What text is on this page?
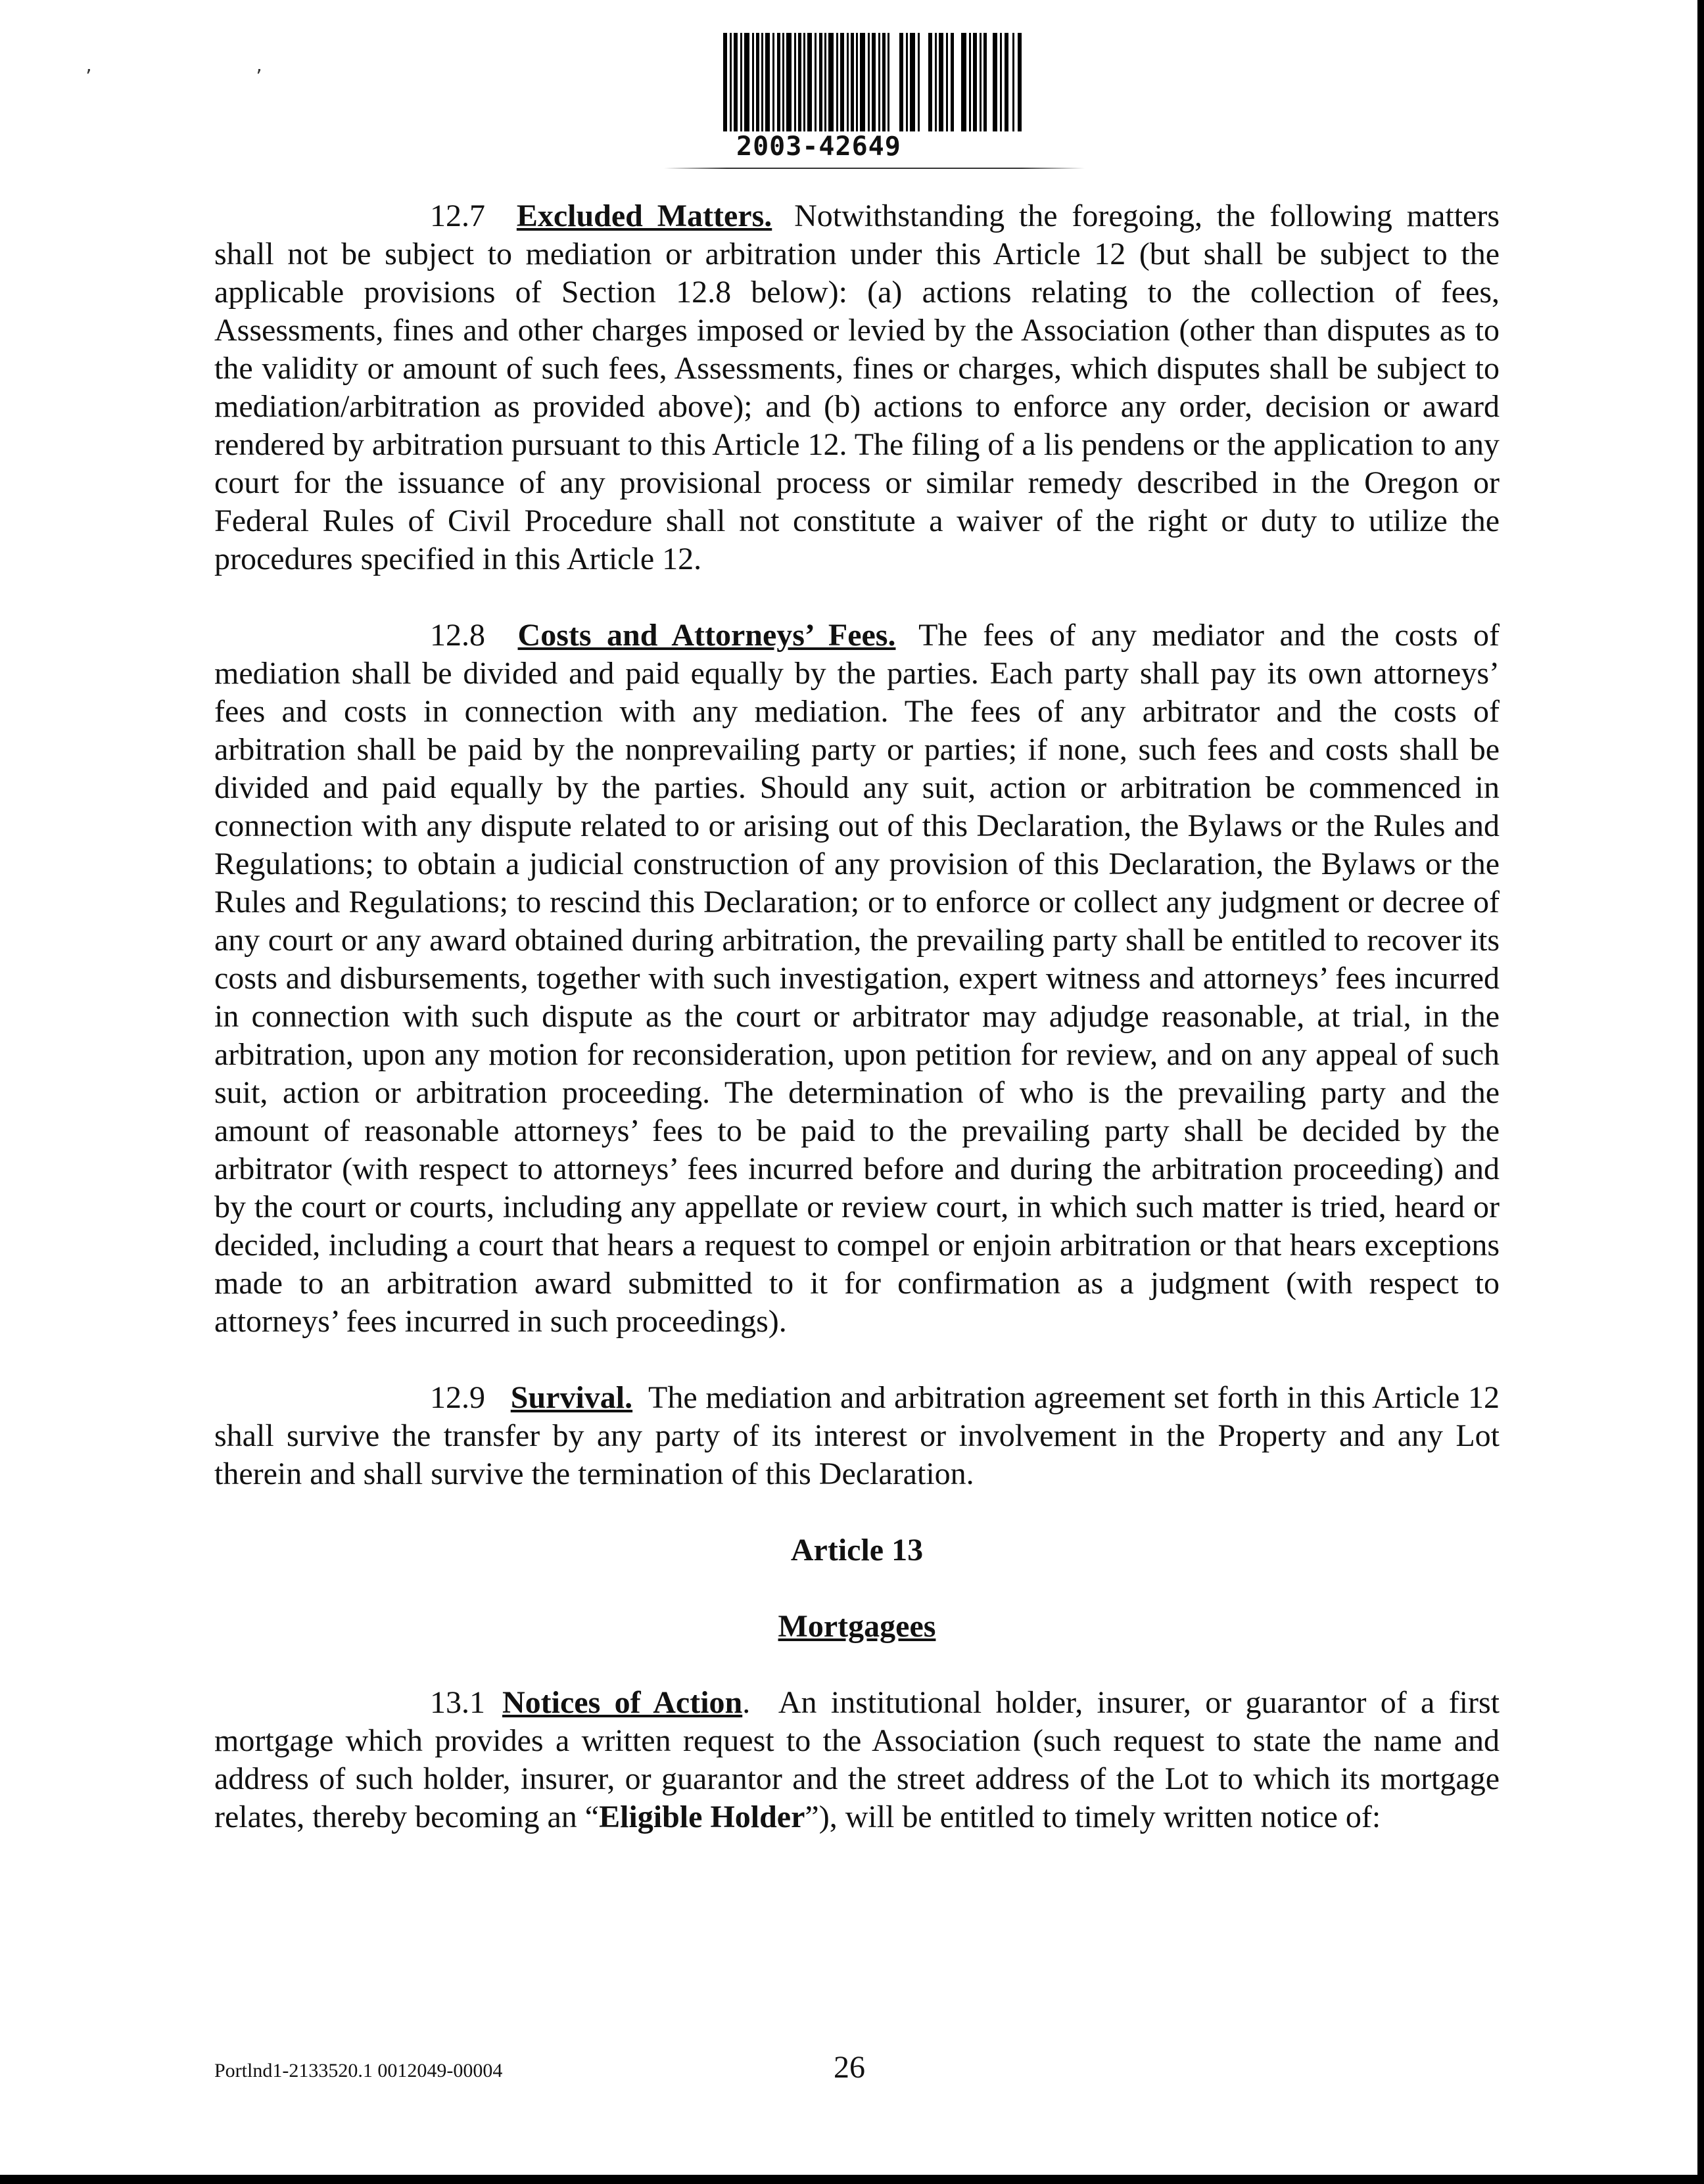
’ ’
2003-42649

12.7 Excluded Matters. Notwithstanding the foregoing, the following matters shall not be subject to mediation or arbitration under this Article 12 (but shall be subject to the applicable provisions of Section 12.8 below): (a) actions relating to the collection of fees, Assessments, fines and other charges imposed or levied by the Association (other than disputes as to the validity or amount of such fees, Assessments, fines or charges, which disputes shall be subject to mediation/arbitration as provided above); and (b) actions to enforce any order, decision or award rendered by arbitration pursuant to this Article 12. The filing of a lis pendens or the application to any court for the issuance of any provisional process or similar remedy described in the Oregon or Federal Rules of Civil Procedure shall not constitute a waiver of the right or duty to utilize the procedures specified in this Article 12.

12.8 Costs and Attorneys’ Fees. The fees of any mediator and the costs of mediation shall be divided and paid equally by the parties. Each party shall pay its own attorneys’ fees and costs in connection with any mediation. The fees of any arbitrator and the costs of arbitration shall be paid by the nonprevailing party or parties; if none, such fees and costs shall be divided and paid equally by the parties. Should any suit, action or arbitration be commenced in connection with any dispute related to or arising out of this Declaration, the Bylaws or the Rules and Regulations; to obtain a judicial construction of any provision of this Declaration, the Bylaws or the Rules and Regulations; to rescind this Declaration; or to enforce or collect any judgment or decree of any court or any award obtained during arbitration, the prevailing party shall be entitled to recover its costs and disbursements, together with such investigation, expert witness and attorneys’ fees incurred in connection with such dispute as the court or arbitrator may adjudge reasonable, at trial, in the arbitration, upon any motion for reconsideration, upon petition for review, and on any appeal of such suit, action or arbitration proceeding. The determination of who is the prevailing party and the amount of reasonable attorneys’ fees to be paid to the prevailing party shall be decided by the arbitrator (with respect to attorneys’ fees incurred before and during the arbitration proceeding) and by the court or courts, including any appellate or review court, in which such matter is tried, heard or decided, including a court that hears a request to compel or enjoin arbitration or that hears exceptions made to an arbitration award submitted to it for confirmation as a judgment (with respect to attorneys’ fees incurred in such proceedings).

12.9 Survival. The mediation and arbitration agreement set forth in this Article 12 shall survive the transfer by any party of its interest or involvement in the Property and any Lot therein and shall survive the termination of this Declaration.

Article 13

Mortgagees

13.1 Notices of Action. An institutional holder, insurer, or guarantor of a first mortgage which provides a written request to the Association (such request to state the name and address of such holder, insurer, or guarantor and the street address of the Lot to which its mortgage relates, thereby becoming an “Eligible Holder”), will be entitled to timely written notice of:

Portlnd1-2133520.1 0012049-00004	26
